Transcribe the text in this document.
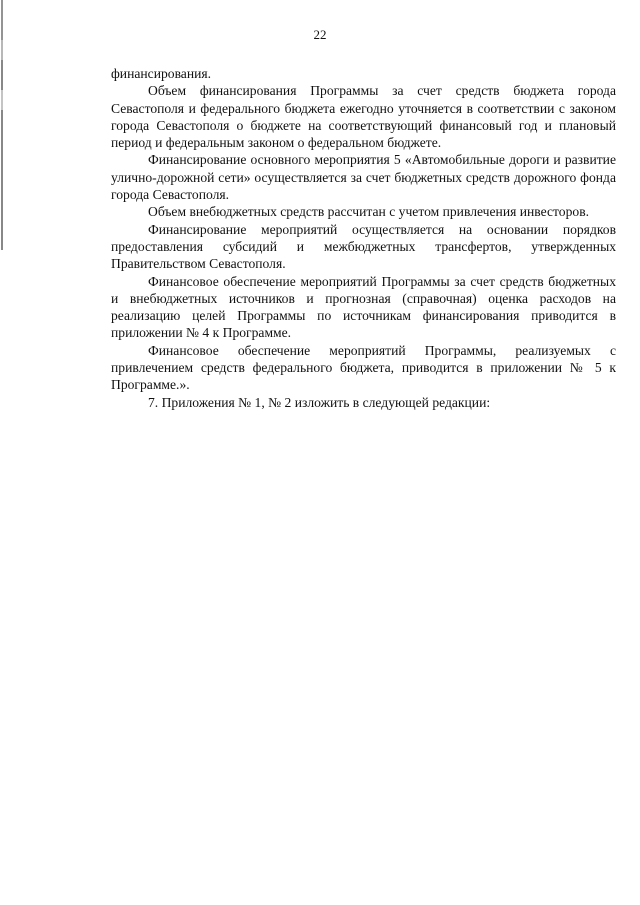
22

финансирования.

Объем финансирования Программы за счет средств бюджета города Севастополя и федерального бюджета ежегодно уточняется в соответствии с законом города Севастополя о бюджете на соответствующий финансовый год и плановый период и федеральным законом о федеральном бюджете.

Финансирование основного мероприятия 5 «Автомобильные дороги и развитие улично-дорожной сети» осуществляется за счет бюджетных средств дорожного фонда города Севастополя.

Объем внебюджетных средств рассчитан с учетом привлечения инвесторов.

Финансирование мероприятий осуществляется на основании порядков предоставления субсидий и межбюджетных трансфертов, утвержденных Правительством Севастополя.

Финансовое обеспечение мероприятий Программы за счет средств бюджетных и внебюджетных источников и прогнозная (справочная) оценка расходов на реализацию целей Программы по источникам финансирования приводится в приложении № 4 к Программе.

Финансовое обеспечение мероприятий Программы, реализуемых с привлечением средств федерального бюджета, приводится в приложении № 5 к Программе.».

7. Приложения № 1, № 2 изложить в следующей редакции:
